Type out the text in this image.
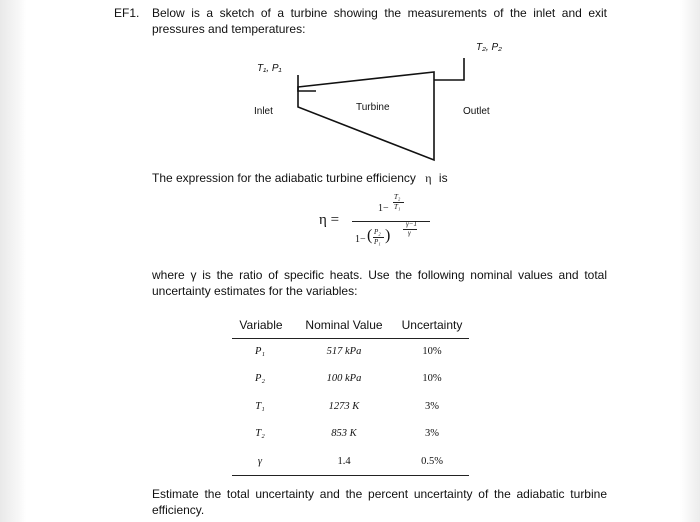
EF1. Below is a sketch of a turbine showing the measurements of the inlet and exit pressures and temperatures:
T₁, P₁
T₂, P₂
Inlet	Turbine	Outlet
The expression for the adiabatic turbine efficiency η is
η =
1−
T₂
T₁
1− ( P₂
P₁ )
γ−1
γ
where γ is the ratio of specific heats. Use the following nominal values and total uncertainty estimates for the variables:
Variable	Nominal Value	Uncertainty
P₁	517 kPa	10%
P₂	100 kPa	10%
T₁	1273 K	3%
T₂	853 K	3%
γ	1.4	0.5%
Estimate the total uncertainty and the percent uncertainty of the adiabatic turbine efficiency.
